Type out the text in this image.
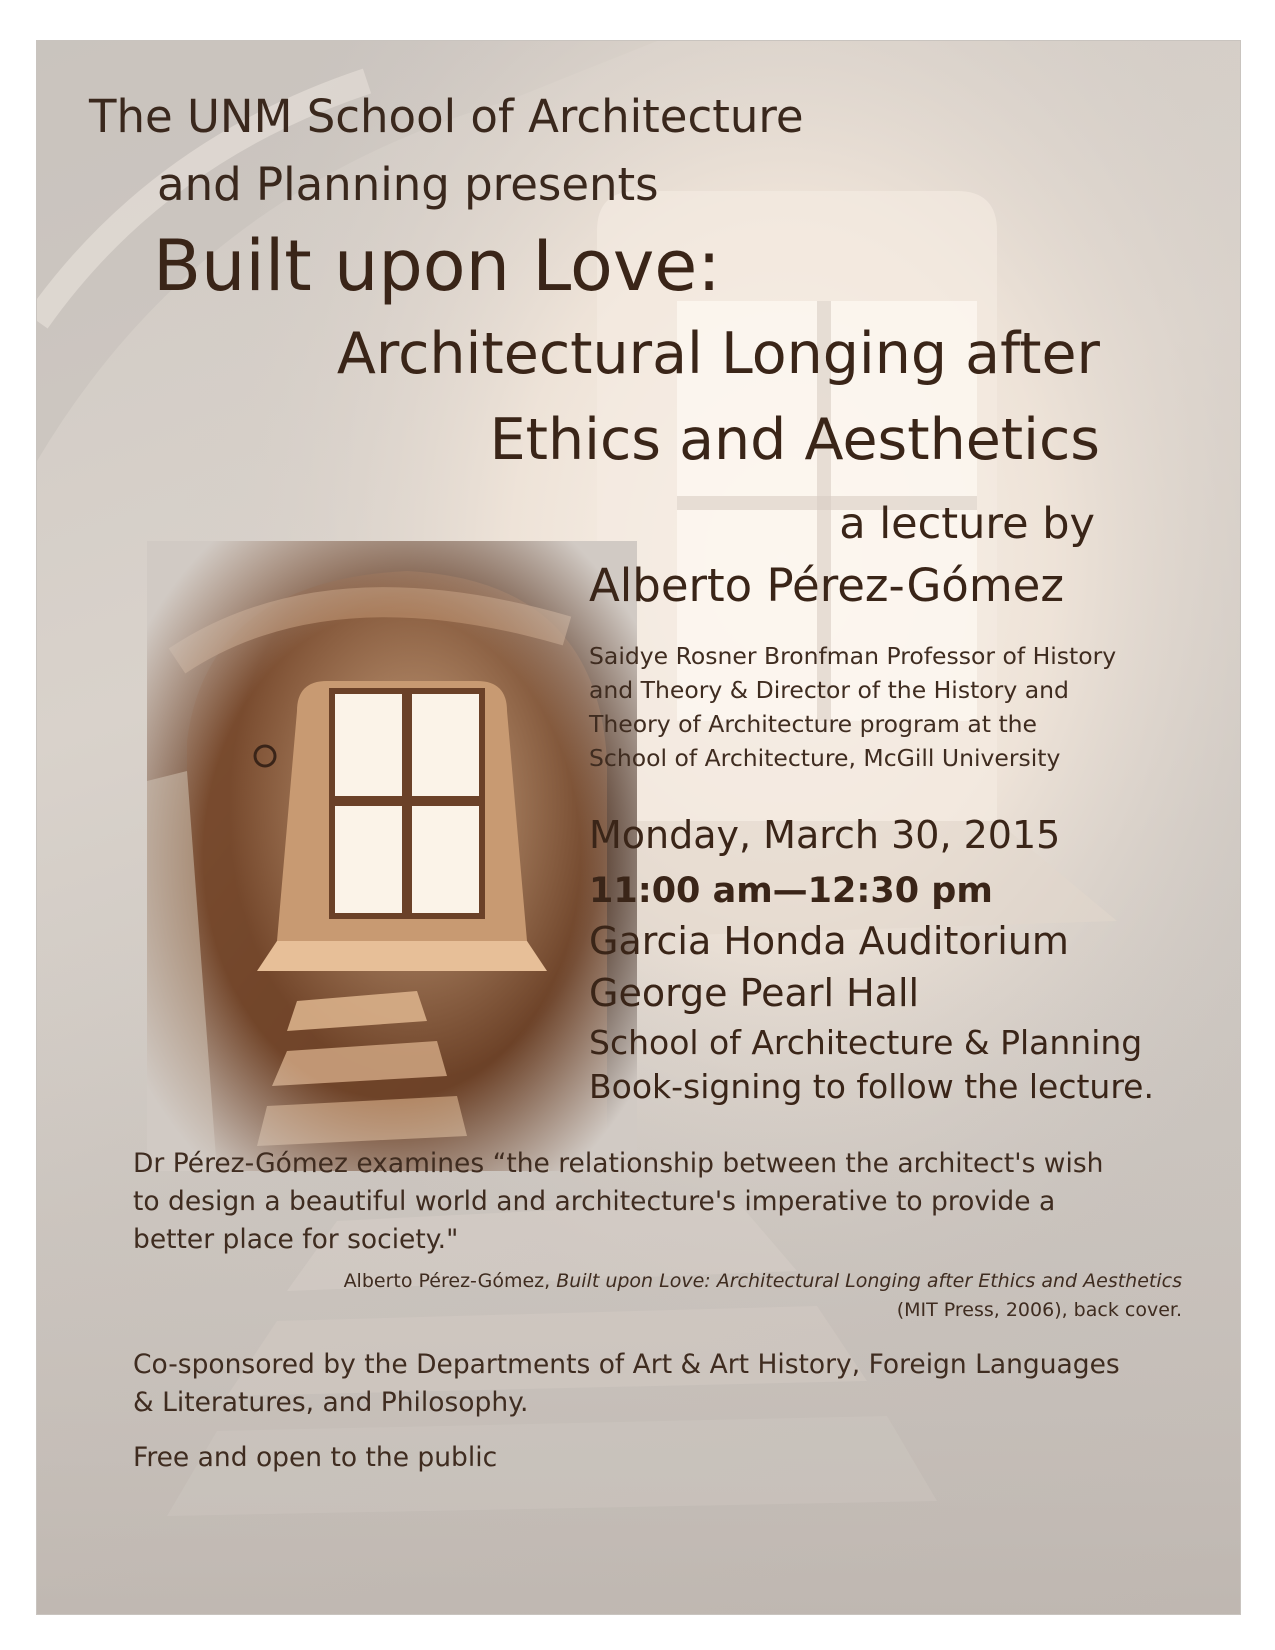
The UNM School of Architecture

and Planning presents

Built upon Love:

Architectural Longing after

Ethics and Aesthetics

a lecture by

Alberto Pérez-Gómez

Saidye Rosner Bronfman Professor of History
and Theory & Director of the History and
Theory of Architecture program at the
School of Architecture, McGill University

Monday, March 30, 2015

11:00 am—12:30 pm

Garcia Honda Auditorium

George Pearl Hall

School of Architecture & Planning

Book-signing to follow the lecture.

Dr Pérez-Gómez examines “the relationship between the architect's wish
to design a beautiful world and architecture's imperative to provide a
better place for society."
Alberto Pérez-Gómez, Built upon Love: Architectural Longing after Ethics and Aesthetics
(MIT Press, 2006), back cover.
Co-sponsored by the Departments of Art & Art History, Foreign Languages
& Literatures, and Philosophy.

Free and open to the public
